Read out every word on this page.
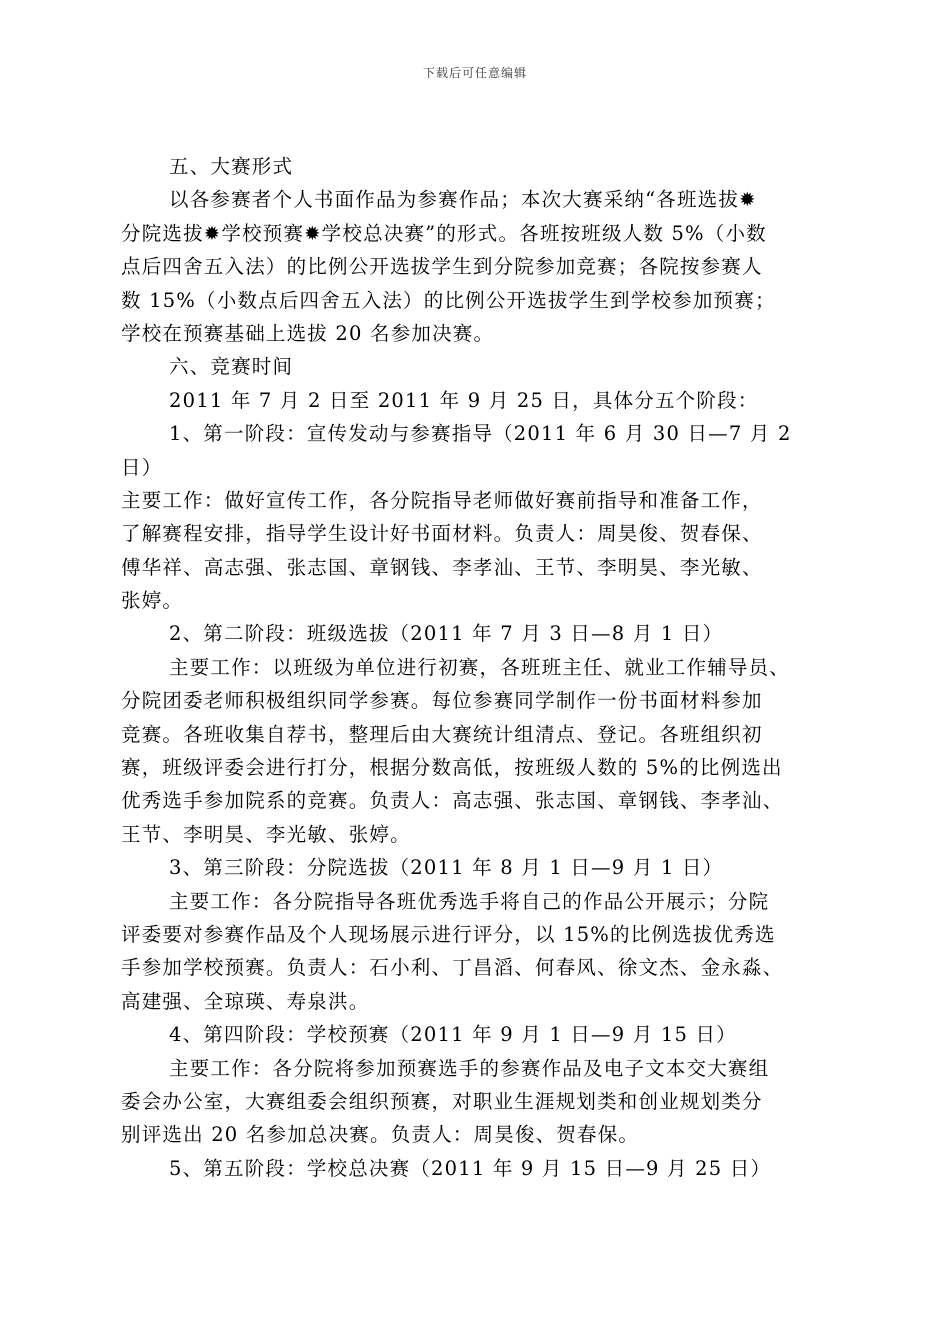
下载后可任意编辑
五、大赛形式
以各参赛者个人书面作品为参赛作品；本次大赛采纳“各班选拔✹
分院选拔✹学校预赛✹学校总决赛”的形式。各班按班级人数 5%（小数
点后四舍五入法）的比例公开选拔学生到分院参加竞赛；各院按参赛人
数 15%（小数点后四舍五入法）的比例公开选拔学生到学校参加预赛；
学校在预赛基础上选拔 20 名参加决赛。
六、竞赛时间
2011 年 7 月 2 日至 2011 年 9 月 25 日，具体分五个阶段：
1、第一阶段：宣传发动与参赛指导（2011 年 6 月 30 日—7 月 2
日）
主要工作：做好宣传工作，各分院指导老师做好赛前指导和准备工作，
了解赛程安排，指导学生设计好书面材料。负责人：周昊俊、贺春保、
傅华祥、高志强、张志国、章钢钱、李孝汕、王节、李明昊、李光敏、
张婷。
2、第二阶段：班级选拔（2011 年 7 月 3 日—8 月 1 日）
主要工作：以班级为单位进行初赛，各班班主任、就业工作辅导员、
分院团委老师积极组织同学参赛。每位参赛同学制作一份书面材料参加
竞赛。各班收集自荐书，整理后由大赛统计组清点、登记。各班组织初
赛，班级评委会进行打分，根据分数高低，按班级人数的 5%的比例选出
优秀选手参加院系的竞赛。负责人：高志强、张志国、章钢钱、李孝汕、
王节、李明昊、李光敏、张婷。
3、第三阶段：分院选拔（2011 年 8 月 1 日—9 月 1 日）
主要工作：各分院指导各班优秀选手将自己的作品公开展示；分院
评委要对参赛作品及个人现场展示进行评分，以 15%的比例选拔优秀选
手参加学校预赛。负责人：石小利、丁昌滔、何春风、徐文杰、金永淼、
高建强、全琼瑛、寿泉洪。
4、第四阶段：学校预赛（2011 年 9 月 1 日—9 月 15 日）
主要工作：各分院将参加预赛选手的参赛作品及电子文本交大赛组
委会办公室，大赛组委会组织预赛，对职业生涯规划类和创业规划类分
别评选出 20 名参加总决赛。负责人：周昊俊、贺春保。
5、第五阶段：学校总决赛（2011 年 9 月 15 日—9 月 25 日）
